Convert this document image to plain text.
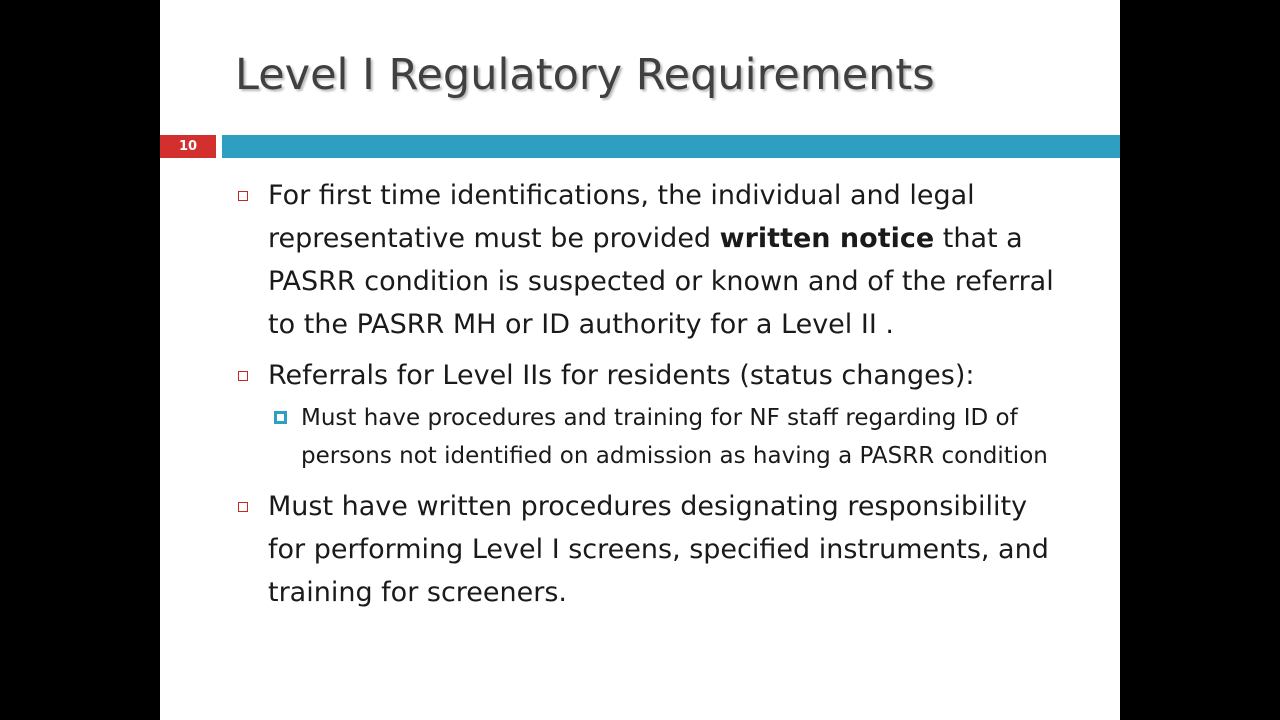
Level I Regulatory Requirements
10
For first time identifications, the individual and legal representative must be provided written notice that a PASRR condition is suspected or known and of the referral to the PASRR MH or ID authority for a Level II .
Referrals for Level IIs for residents (status changes):
Must have procedures and training for NF staff regarding ID of persons not identified on admission as having a PASRR condition
Must have written procedures designating responsibility for performing Level I screens, specified instruments, and training for screeners.
